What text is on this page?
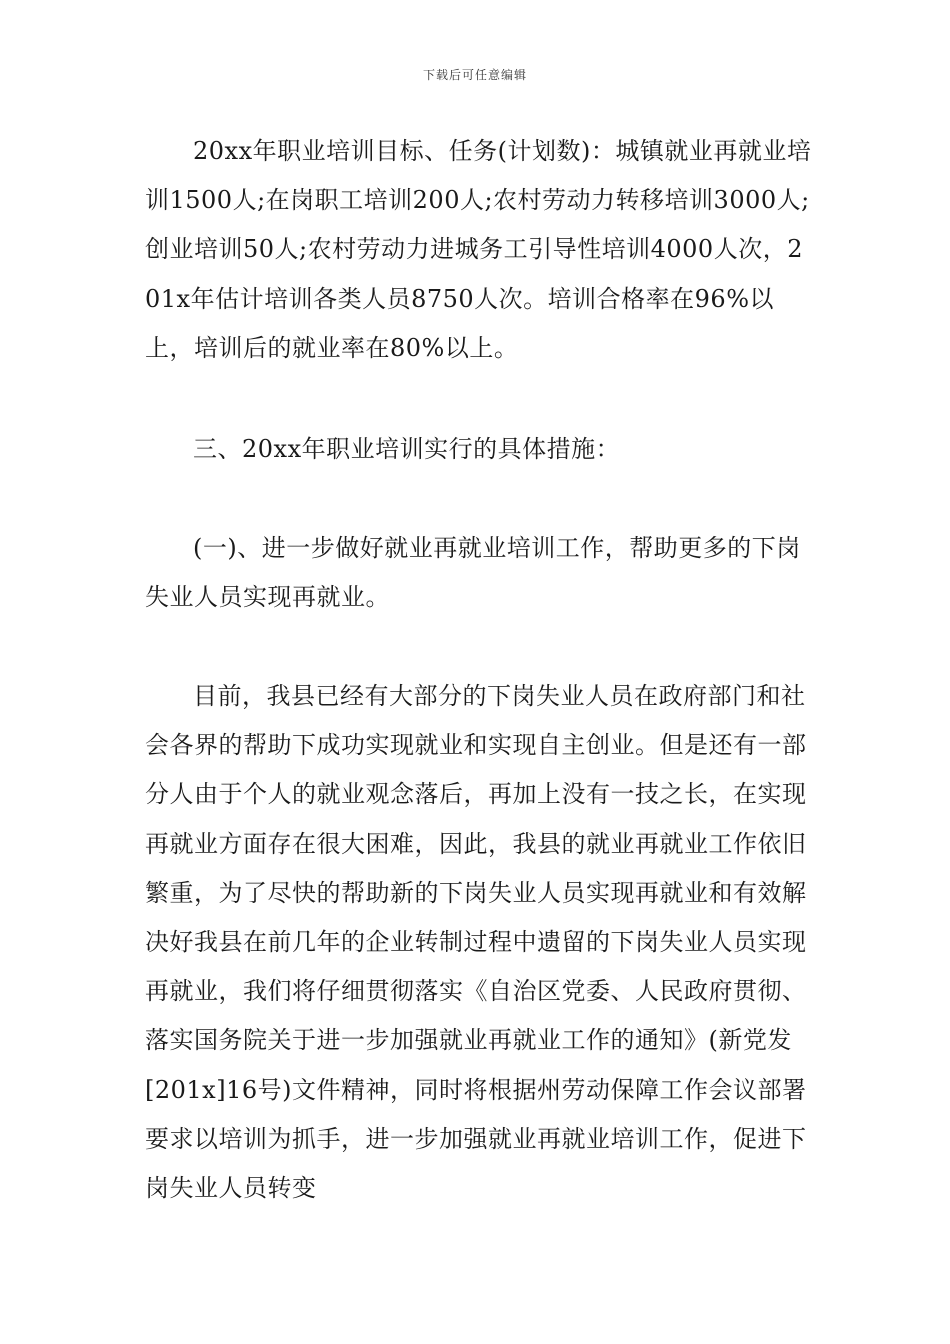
下载后可任意编辑

20xx年职业培训目标、任务(计划数)：城镇就业再就业培训1500人;在岗职工培训200人;农村劳动力转移培训3000人;创业培训50人;农村劳动力进城务工引导性培训4000人次，201x年估计培训各类人员8750人次。培训合格率在96%以上，培训后的就业率在80%以上。

三、20xx年职业培训实行的具体措施：

(一)、进一步做好就业再就业培训工作，帮助更多的下岗失业人员实现再就业。

目前，我县已经有大部分的下岗失业人员在政府部门和社会各界的帮助下成功实现就业和实现自主创业。但是还有一部分人由于个人的就业观念落后，再加上没有一技之长，在实现再就业方面存在很大困难，因此，我县的就业再就业工作依旧繁重，为了尽快的帮助新的下岗失业人员实现再就业和有效解决好我县在前几年的企业转制过程中遗留的下岗失业人员实现再就业，我们将仔细贯彻落实《自治区党委、人民政府贯彻、落实国务院关于进一步加强就业再就业工作的通知》(新党发[201x]16号)文件精神，同时将根据州劳动保障工作会议部署要求以培训为抓手，进一步加强就业再就业培训工作，促进下岗失业人员转变
